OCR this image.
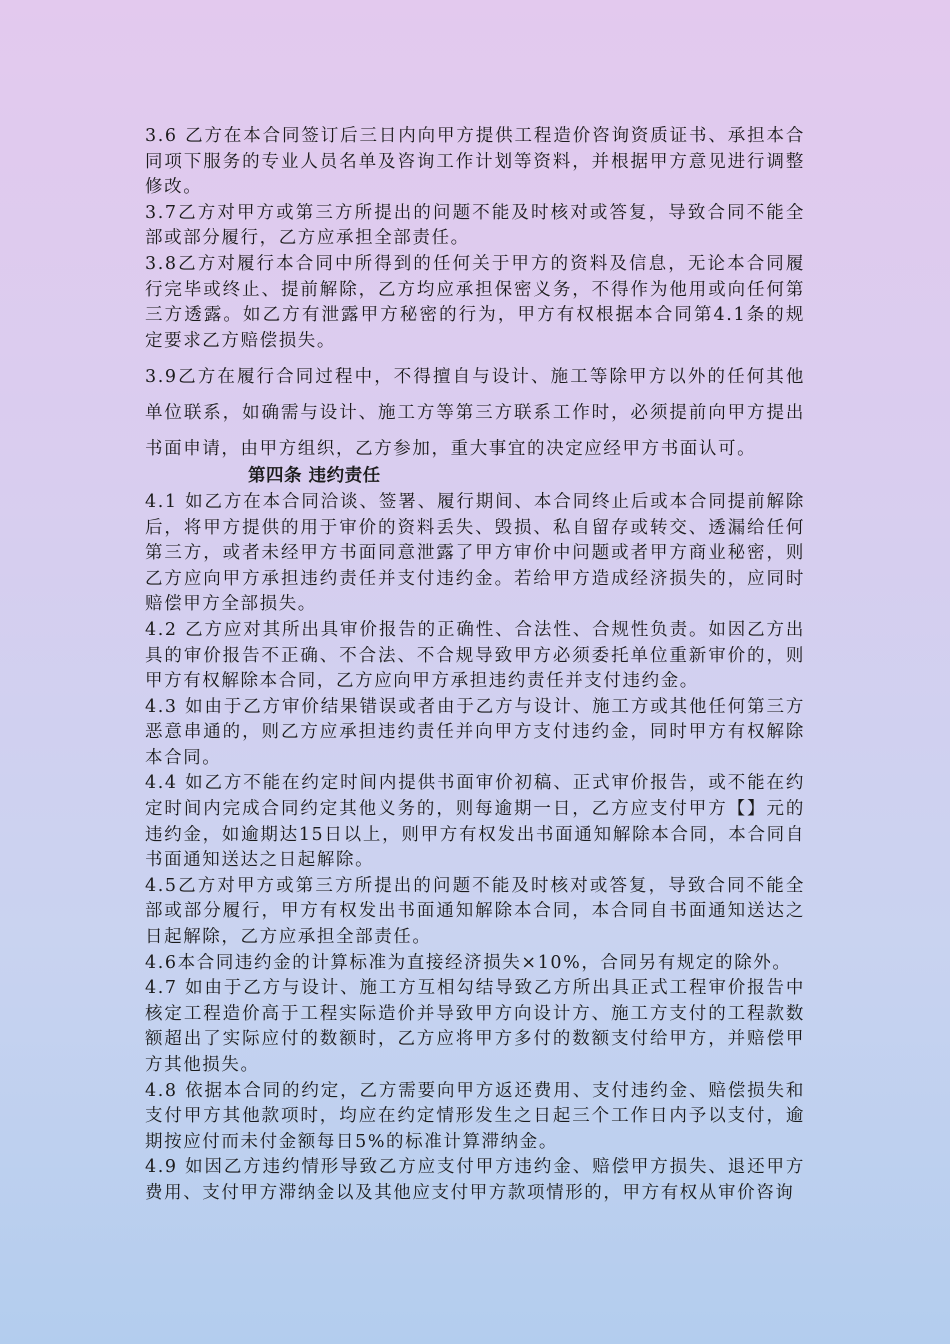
3.6 乙方在本合同签订后三日内向甲方提供工程造价咨询资质证书、承担本合同项下服务的专业人员名单及咨询工作计划等资料，并根据甲方意见进行调整修改。

3.7乙方对甲方或第三方所提出的问题不能及时核对或答复，导致合同不能全部或部分履行，乙方应承担全部责任。

3.8乙方对履行本合同中所得到的任何关于甲方的资料及信息，无论本合同履行完毕或终止、提前解除，乙方均应承担保密义务，不得作为他用或向任何第三方透露。如乙方有泄露甲方秘密的行为，甲方有权根据本合同第4.1条的规定要求乙方赔偿损失。

3.9乙方在履行合同过程中，不得擅自与设计、施工等除甲方以外的任何其他单位联系，如确需与设计、施工方等第三方联系工作时，必须提前向甲方提出书面申请，由甲方组织，乙方参加，重大事宜的决定应经甲方书面认可。

第四条 违约责任

4.1 如乙方在本合同洽谈、签署、履行期间、本合同终止后或本合同提前解除后，将甲方提供的用于审价的资料丢失、毁损、私自留存或转交、透漏给任何第三方，或者未经甲方书面同意泄露了甲方审价中问题或者甲方商业秘密，则乙方应向甲方承担违约责任并支付违约金。若给甲方造成经济损失的，应同时赔偿甲方全部损失。

4.2 乙方应对其所出具审价报告的正确性、合法性、合规性负责。如因乙方出具的审价报告不正确、不合法、不合规导致甲方必须委托单位重新审价的，则甲方有权解除本合同，乙方应向甲方承担违约责任并支付违约金。

4.3 如由于乙方审价结果错误或者由于乙方与设计、施工方或其他任何第三方恶意串通的，则乙方应承担违约责任并向甲方支付违约金，同时甲方有权解除本合同。

4.4 如乙方不能在约定时间内提供书面审价初稿、正式审价报告，或不能在约定时间内完成合同约定其他义务的，则每逾期一日，乙方应支付甲方【】元的违约金，如逾期达15日以上，则甲方有权发出书面通知解除本合同，本合同自书面通知送达之日起解除。

4.5乙方对甲方或第三方所提出的问题不能及时核对或答复，导致合同不能全部或部分履行，甲方有权发出书面通知解除本合同，本合同自书面通知送达之日起解除，乙方应承担全部责任。

4.6本合同违约金的计算标准为直接经济损失×10%，合同另有规定的除外。

4.7 如由于乙方与设计、施工方互相勾结导致乙方所出具正式工程审价报告中核定工程造价高于工程实际造价并导致甲方向设计方、施工方支付的工程款数额超出了实际应付的数额时，乙方应将甲方多付的数额支付给甲方，并赔偿甲方其他损失。

4.8 依据本合同的约定，乙方需要向甲方返还费用、支付违约金、赔偿损失和支付甲方其他款项时，均应在约定情形发生之日起三个工作日内予以支付，逾期按应付而未付金额每日5%的标准计算滞纳金。

4.9 如因乙方违约情形导致乙方应支付甲方违约金、赔偿甲方损失、退还甲方费用、支付甲方滞纳金以及其他应支付甲方款项情形的，甲方有权从审价咨询
